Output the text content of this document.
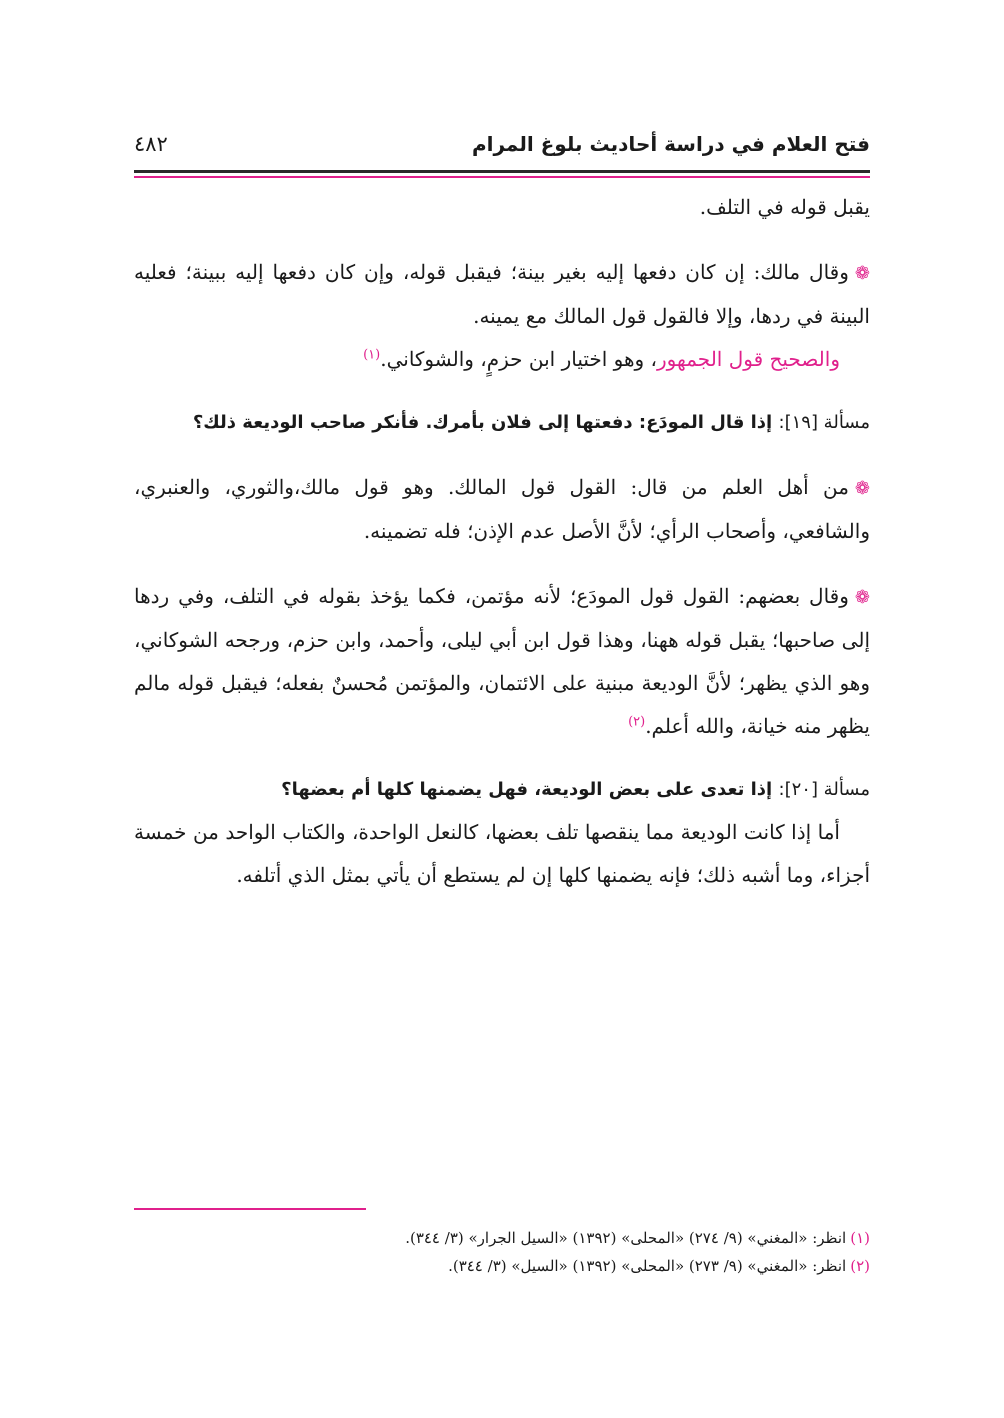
فتح العلام في دراسة أحاديث بلوغ المرام
٤٨٢

يقبل قوله في التلف.

❁وقال مالك: إن كان دفعها إليه بغير بينة؛ فيقبل قوله، وإن كان دفعها إليه ببينة؛ فعليه البينة في ردها، وإلا فالقول قول المالك مع يمينه.

والصحيح قول الجمهور، وهو اختيار ابن حزمٍ، والشوكاني.$^{(١)}$

مسألة [١٩]: إذا قال المودَع: دفعتها إلى فلان بأمرك. فأنكر صاحب الوديعة ذلك؟

❁من أهل العلم من قال: القول قول المالك. وهو قول مالك،والثوري، والعنبري، والشافعي، وأصحاب الرأي؛ لأنَّ الأصل عدم الإذن؛ فله تضمينه.

❁وقال بعضهم: القول قول المودَع؛ لأنه مؤتمن، فكما يؤخذ بقوله في التلف، وفي ردها إلى صاحبها؛ يقبل قوله ههنا، وهذا قول ابن أبي ليلى، وأحمد، وابن حزم، ورجحه الشوكاني، وهو الذي يظهر؛ لأنَّ الوديعة مبنية على الائتمان، والمؤتمن مُحسنٌ بفعله؛ فيقبل قوله مالم يظهر منه خيانة، والله أعلم.$^{(٢)}$

مسألة [٢٠]: إذا تعدى على بعض الوديعة، فهل يضمنها كلها أم بعضها؟

أما إذا كانت الوديعة مما ينقصها تلف بعضها، كالنعل الواحدة، والكتاب الواحد من خمسة أجزاء، وما أشبه ذلك؛ فإنه يضمنها كلها إن لم يستطع أن يأتي بمثل الذي أتلفه.

(١)انظر: «المغني» (٩/ ٢٧٤) «المحلى» (١٣٩٢) «السيل الجرار» (٣/ ٣٤٤).
(٢)انظر: «المغني» (٩/ ٢٧٣) «المحلى» (١٣٩٢) «السيل» (٣/ ٣٤٤).
